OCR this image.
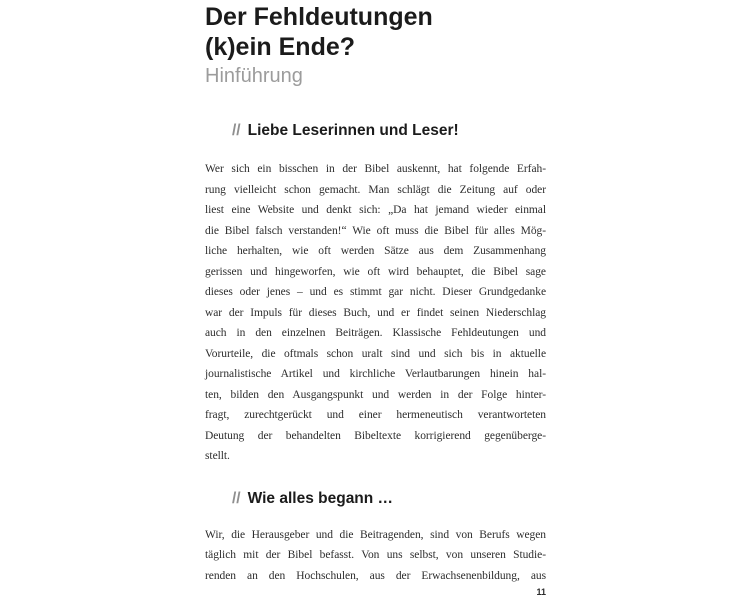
Der Fehldeutungen
(k)ein Ende?
Hinführung
// Liebe Leserinnen und Leser!
Wer sich ein bisschen in der Bibel auskennt, hat folgende Erfah-
rung vielleicht schon gemacht. Man schlägt die Zeitung auf oder
liest eine Website und denkt sich: „Da hat jemand wieder einmal
die Bibel falsch verstanden!“ Wie oft muss die Bibel für alles Mög-
liche herhalten, wie oft werden Sätze aus dem Zusammenhang
gerissen und hingeworfen, wie oft wird behauptet, die Bibel sage
dieses oder jenes – und es stimmt gar nicht. Dieser Grundgedanke
war der Impuls für dieses Buch, und er findet seinen Niederschlag
auch in den einzelnen Beiträgen. Klassische Fehldeutungen und
Vorurteile, die oftmals schon uralt sind und sich bis in aktuelle
journalistische Artikel und kirchliche Verlautbarungen hinein hal-
ten, bilden den Ausgangspunkt und werden in der Folge hinter-
fragt, zurechtgerückt und einer hermeneutisch verantworteten
Deutung der behandelten Bibeltexte korrigierend gegenüberge-
stellt.
// Wie alles begann …
Wir, die Herausgeber und die Beitragenden, sind von Berufs wegen
täglich mit der Bibel befasst. Von uns selbst, von unseren Studie-
renden an den Hochschulen, aus der Erwachsenenbildung, aus
11
